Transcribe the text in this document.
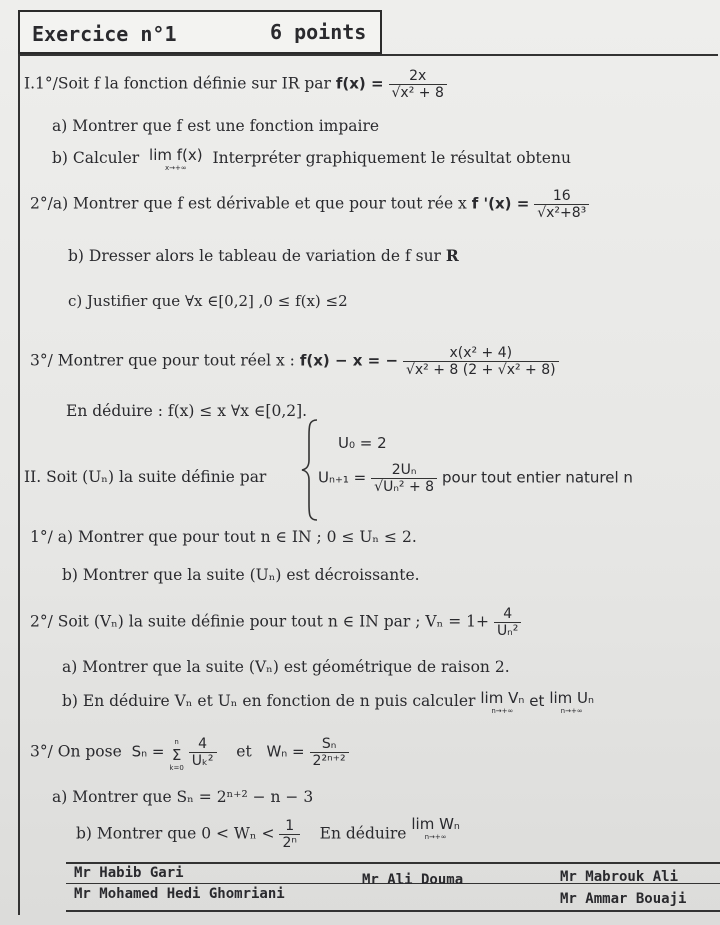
Exercice n°1	6 points
I.1°/Soit f la fonction définie sur IR par $f(x) = \frac{2x}{\text{√x² + 8}}$
a) Montrer que f est une fonction impaire
b) Calculer lim f(x)
x→+∞
Interpréter graphiquement le résultat obtenu
2°/a) Montrer que f est dérivable et que pour tout rée x f '$(x) = \frac{16}{\text{√x²+8³}}$
b) Dresser alors le tableau de variation de f sur R
c) Justifier que ∀x ∈[0,2] ,0 ≤ f(x) ≤2
3°/ Montrer que pour tout réel x : f(x) − x = − $\frac{\text{x(x² + 4)}}{\text{√x² + 8 (2 + √x² + 8)}}$
En déduire : f(x) ≤ x ∀x ∈[0,2].
II. Soit (Uₙ) la suite définie par
U₀ = 2
$U_{n+1} = \frac{\text{2Uₙ}}{\text{√Uₙ² + 8}}$ pour tout entier naturel n
1°/ a) Montrer que pour tout n ∈ IN ; 0 ≤ Uₙ ≤ 2.
b) Montrer que la suite (Uₙ) est décroissante.
2°/ Soit (Vₙ) la suite définie pour tout n ∈ IN par ; $V_n = 1+ \frac{4}{\text{Uₙ²}}$
a) Montrer que la suite (Vₙ) est géométrique de raison 2.
b) En déduire Vₙ et Uₙ en fonction de n puis calculer lim Vₙ
n→+∞
et lim Uₙ
n→+∞
3°/ On pose Sₙ =
n
Σ
k=0
$\frac{4}{\text{Uₖ²}}$ et $W_n = \frac{\text{Sₙ}}{\text{2²ⁿ⁺²}}$
a) Montrer que Sₙ = 2ⁿ⁺² − n − 3
b) Montrer que $0 < W_n < \frac{1}{\text{2ⁿ}}$ En déduire
lim Wₙ
n→+∞
Mr Habib Gari	Mr Ali Douma	Mr Mabrouk Ali
Mr Mohamed Hedi Ghomriani	Mr Ammar Bouaji
